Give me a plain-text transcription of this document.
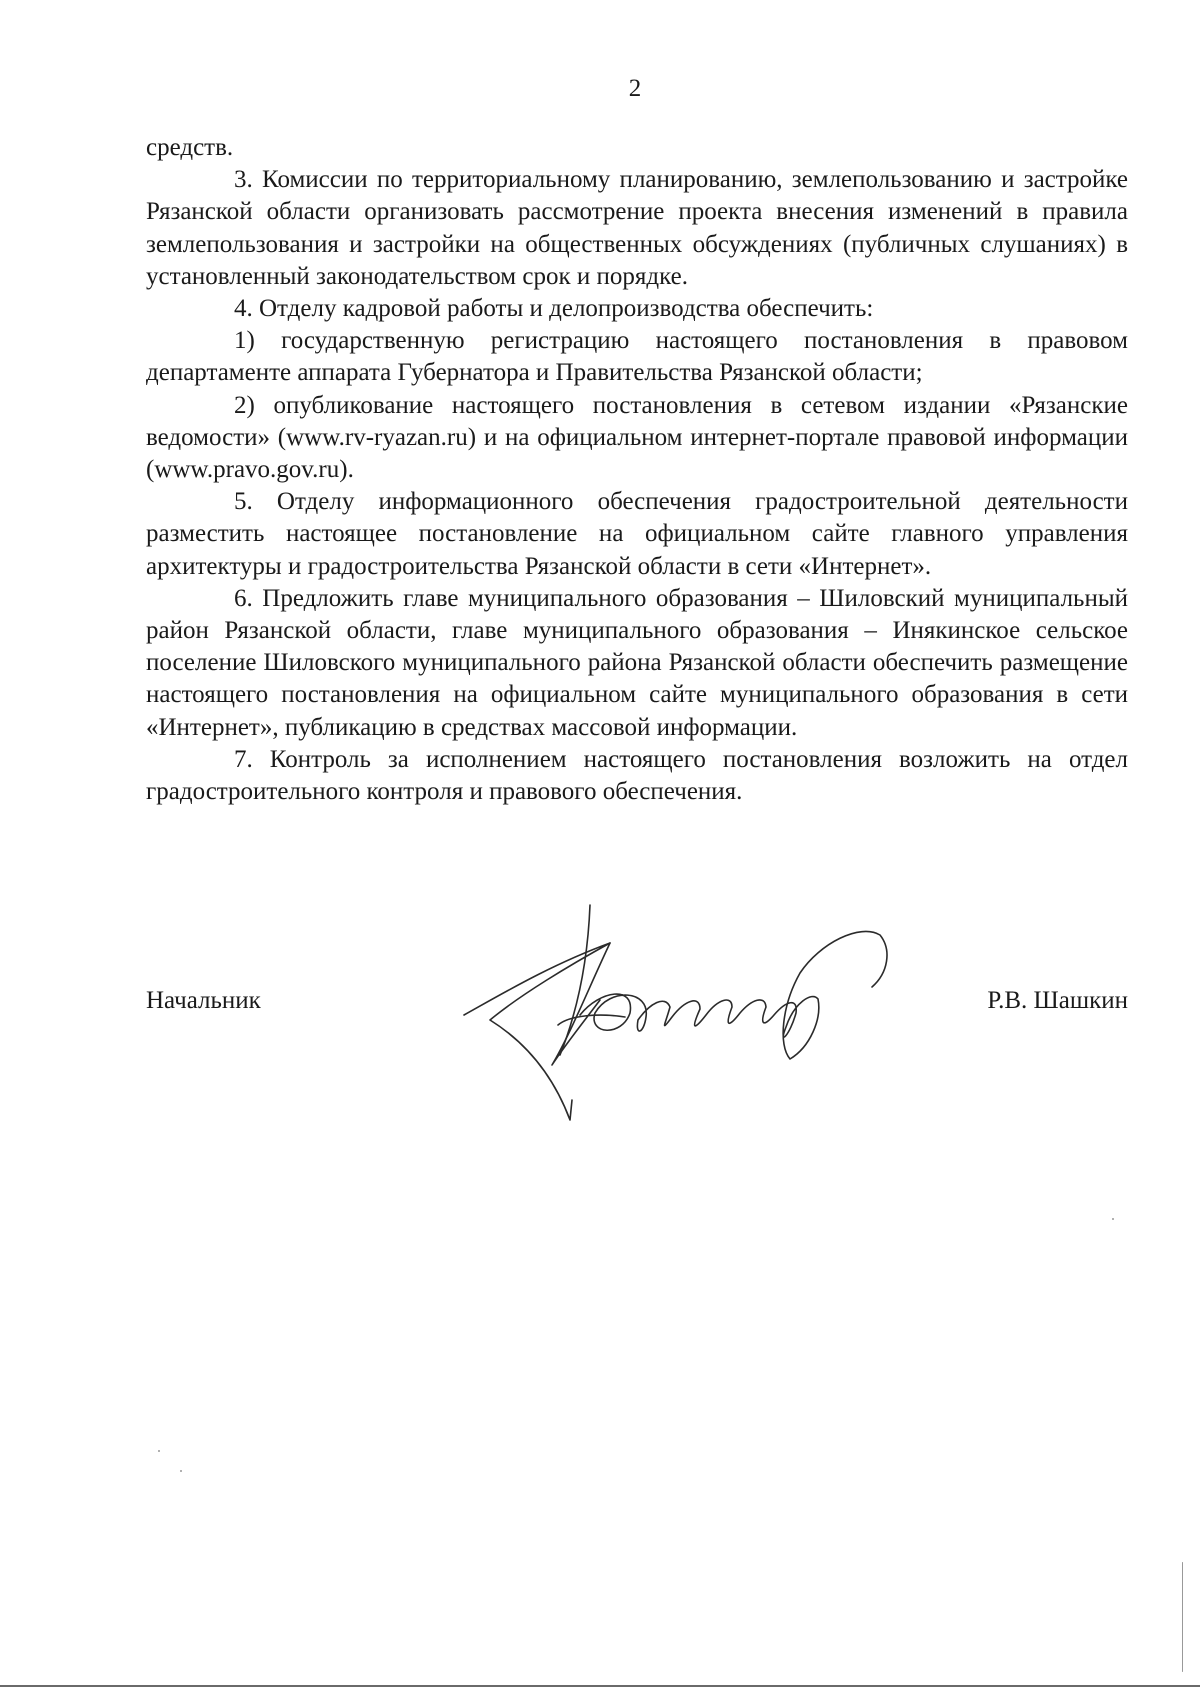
2

средств.

3. Комиссии по территориальному планированию, землепользованию и застройке Рязанской области организовать рассмотрение проекта внесения изменений в правила землепользования и застройки на общественных обсуждениях (публичных слушаниях) в установленный законодательством срок и порядке.

4. Отделу кадровой работы и делопроизводства обеспечить:

1) государственную регистрацию настоящего постановления в правовом департаменте аппарата Губернатора и Правительства Рязанской области;

2) опубликование настоящего постановления в сетевом издании «Рязанские ведомости» (www.rv-ryazan.ru) и на официальном интернет-портале правовой информации (www.pravo.gov.ru).

5. Отделу информационного обеспечения градостроительной деятельности разместить настоящее постановление на официальном сайте главного управления архитектуры и градостроительства Рязанской области в сети «Интернет».

6. Предложить главе муниципального образования – Шиловский муниципальный район Рязанской области, главе муниципального образования – Инякинское сельское поселение Шиловского муниципального района Рязанской области обеспечить размещение настоящего постановления на официальном сайте муниципального образования в сети «Интернет», публикацию в средствах массовой информации.

7. Контроль за исполнением настоящего постановления возложить на отдел градостроительного контроля и правового обеспечения.

Начальник	Р.В. Шашкин
